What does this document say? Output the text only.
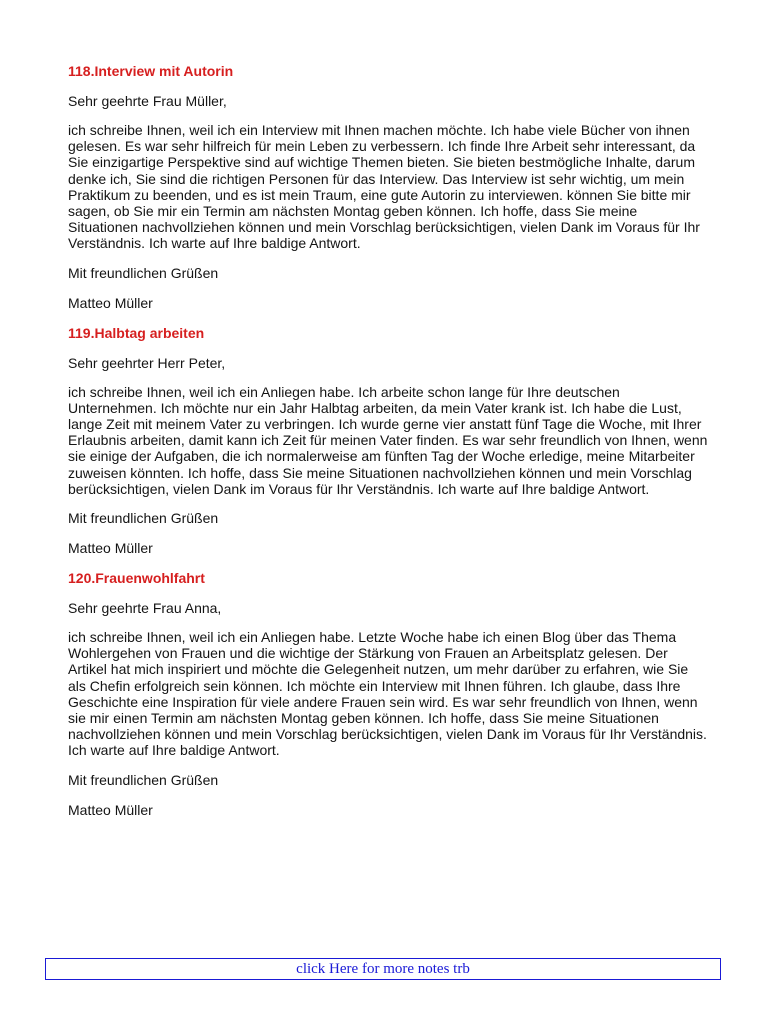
118.Interview mit Autorin
Sehr geehrte Frau Müller,
ich schreibe Ihnen, weil ich ein Interview mit Ihnen machen möchte. Ich habe viele Bücher von ihnen gelesen. Es war sehr hilfreich für mein Leben zu verbessern. Ich finde Ihre Arbeit sehr interessant, da Sie einzigartige Perspektive sind auf wichtige Themen bieten. Sie bieten bestmögliche Inhalte, darum denke ich, Sie sind die richtigen Personen für das Interview. Das Interview ist sehr wichtig, um mein Praktikum zu beenden, und es ist mein Traum, eine gute Autorin zu interviewen. können Sie bitte mir sagen, ob Sie mir ein Termin am nächsten Montag geben können. Ich hoffe, dass Sie meine Situationen nachvollziehen können und mein Vorschlag berücksichtigen, vielen Dank im Voraus für Ihr Verständnis. Ich warte auf Ihre baldige Antwort.
Mit freundlichen Grüßen
Matteo Müller
119.Halbtag arbeiten
Sehr geehrter Herr Peter,
ich schreibe Ihnen, weil ich ein Anliegen habe. Ich arbeite schon lange für Ihre deutschen Unternehmen. Ich möchte nur ein Jahr Halbtag arbeiten, da mein Vater krank ist. Ich habe die Lust, lange Zeit mit meinem Vater zu verbringen. Ich wurde gerne vier anstatt fünf Tage die Woche, mit Ihrer Erlaubnis arbeiten, damit kann ich Zeit für meinen Vater finden. Es war sehr freundlich von Ihnen, wenn sie einige der Aufgaben, die ich normalerweise am fünften Tag der Woche erledige, meine Mitarbeiter zuweisen könnten. Ich hoffe, dass Sie meine Situationen nachvollziehen können und mein Vorschlag berücksichtigen, vielen Dank im Voraus für Ihr Verständnis. Ich warte auf Ihre baldige Antwort.
Mit freundlichen Grüßen
Matteo Müller
120.Frauenwohlfahrt
Sehr geehrte Frau Anna,
ich schreibe Ihnen, weil ich ein Anliegen habe. Letzte Woche habe ich einen Blog über das Thema Wohlergehen von Frauen und die wichtige der Stärkung von Frauen an Arbeitsplatz gelesen. Der Artikel hat mich inspiriert und möchte die Gelegenheit nutzen, um mehr darüber zu erfahren, wie Sie als Chefin erfolgreich sein können. Ich möchte ein Interview mit Ihnen führen. Ich glaube, dass Ihre Geschichte eine Inspiration für viele andere Frauen sein wird. Es war sehr freundlich von Ihnen, wenn sie mir einen Termin am nächsten Montag geben können. Ich hoffe, dass Sie meine Situationen nachvollziehen können und mein Vorschlag berücksichtigen, vielen Dank im Voraus für Ihr Verständnis. Ich warte auf Ihre baldige Antwort.
Mit freundlichen Grüßen
Matteo Müller
click Here for more notes trb
